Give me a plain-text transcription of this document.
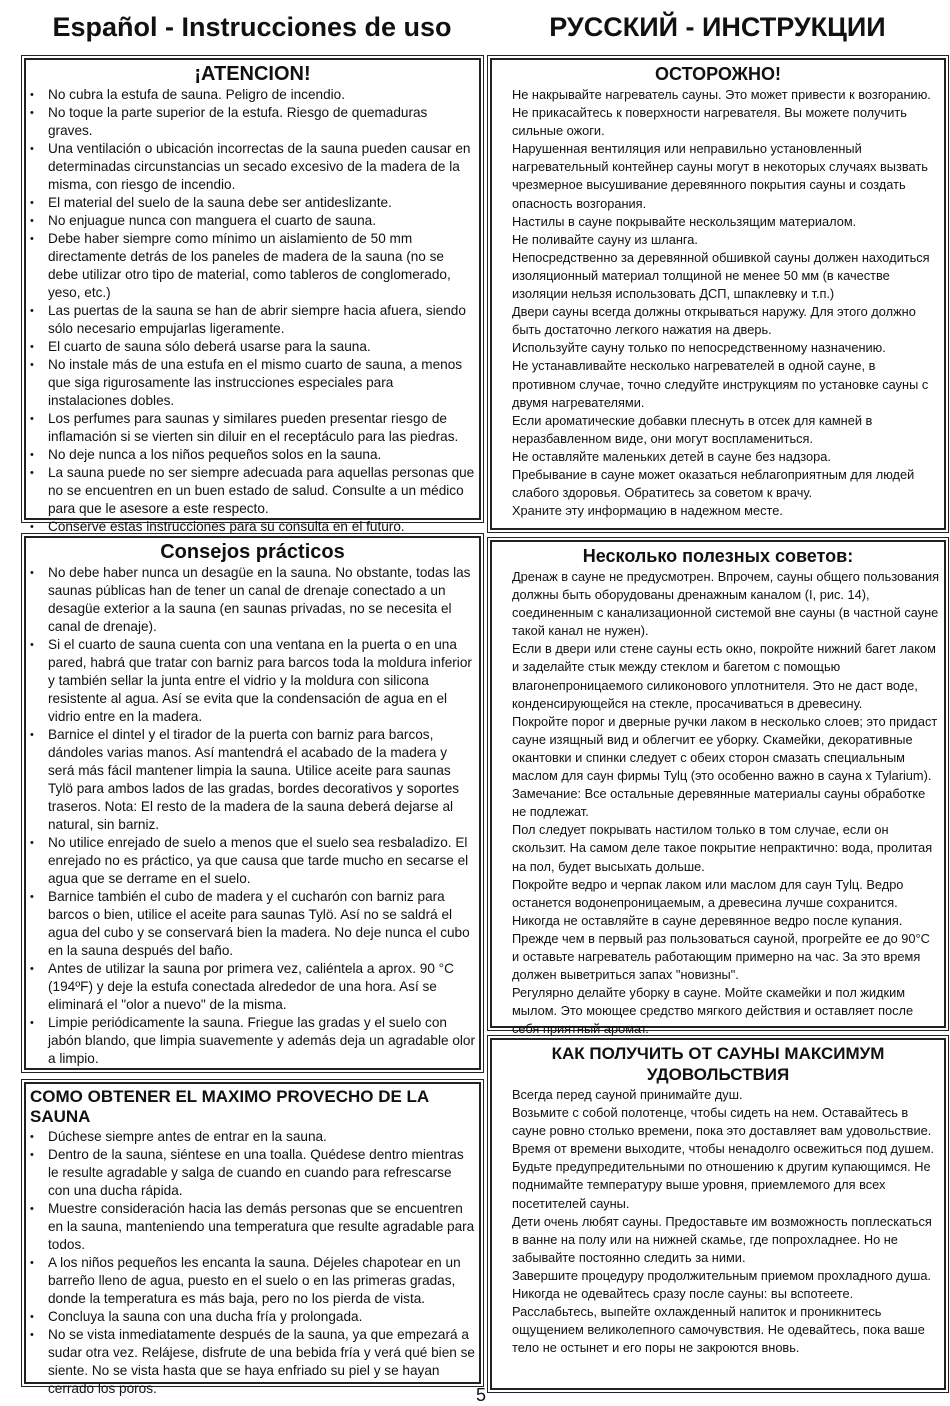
Español - Instrucciones de uso
¡ATENCION!
• No cubra la estufa de sauna. Peligro de incendio.
• No toque la parte superior de la estufa. Riesgo de quemaduras graves.
• Una ventilación o ubicación incorrectas de la sauna pueden causar en determinadas circunstancias un secado excesivo de la madera de la misma, con riesgo de incendio.
• El material del suelo de la sauna debe ser antideslizante.
• No enjuague nunca con manguera el cuarto de sauna.
• Debe haber siempre como mínimo un aislamiento de 50 mm directamente detrás de los paneles de madera de la sauna (no se debe utilizar otro tipo de material, como tableros de conglomerado, yeso, etc.)
• Las puertas de la sauna se han de abrir siempre hacia afuera, siendo sólo necesario empujarlas ligeramente.
• El cuarto de sauna sólo deberá usarse para la sauna.
• No instale más de una estufa en el mismo cuarto de sauna, a menos que siga rigurosamente las instrucciones especiales para instalaciones dobles.
• Los perfumes para saunas y similares pueden presentar riesgo de inflamación si se vierten sin diluir en el receptáculo para las piedras.
• No deje nunca a los niños pequeños solos en la sauna.
• La sauna puede no ser siempre adecuada para aquellas personas que no se encuentren en un buen estado de salud. Consulte a un médico para que le asesore a este respecto.
• Conserve estas instrucciones para su consulta en el futuro.
Consejos prácticos
• No debe haber nunca un desagüe en la sauna. No obstante, todas las saunas públicas han de tener un canal de drenaje conectado a un desagüe exterior a la sauna (en saunas privadas, no se necesita el canal de drenaje).
• Si el cuarto de sauna cuenta con una ventana en la puerta o en una pared, habrá que tratar con barniz para barcos toda la moldura inferior y también sellar la junta entre el vidrio y la moldura con silicona resistente al agua. Así se evita que la condensación de agua en el vidrio entre en la madera.
• Barnice el dintel y el tirador de la puerta con barniz para barcos, dándoles varias manos. Así mantendrá el acabado de la madera y será más fácil mantener limpia la sauna. Utilice aceite para saunas Tylö para ambos lados de las gradas, bordes decorativos y soportes traseros. Nota: El resto de la madera de la sauna deberá dejarse al natural, sin barniz.
• No utilice enrejado de suelo a menos que el suelo sea resbaladizo. El enrejado no es práctico, ya que causa que tarde mucho en secarse el agua que se derrame en el suelo.
• Barnice también el cubo de madera y el cucharón con barniz para barcos o bien, utilice el aceite para saunas Tylö. Así no se saldrá el agua del cubo y se conservará bien la madera. No deje nunca el cubo en la sauna después del baño.
• Antes de utilizar la sauna por primera vez, caliéntela a aprox. 90 °C (194ºF) y deje la estufa conectada alrededor de una hora. Así se eliminará el "olor a nuevo" de la misma.
• Limpie periódicamente la sauna. Friegue las gradas y el suelo con jabón blando, que limpia suavemente y además deja un agradable olor a limpio.
COMO OBTENER EL MAXIMO PROVECHO DE LA SAUNA
• Dúchese siempre antes de entrar en la sauna.
• Dentro de la sauna, siéntese en una toalla. Quédese dentro mientras le resulte agradable y salga de cuando en cuando para refrescarse con una ducha rápida.
• Muestre consideración hacia las demás personas que se encuentren en la sauna, manteniendo una temperatura que resulte agradable para todos.
• A los niños pequeños les encanta la sauna. Déjeles chapotear en un barreño lleno de agua, puesto en el suelo o en las primeras gradas, donde la temperatura es más baja, pero no los pierda de vista.
• Concluya la sauna con una ducha fría y prolongada.
• No se vista inmediatamente después de la sauna, ya que empezará a sudar otra vez. Relájese, disfrute de una bebida fría y verá qué bien se siente. No se vista hasta que se haya enfriado su piel y se hayan cerrado los poros.
РУССКИЙ - ИНСТРУКЦИИ
ОСТОРОЖНО!
Не накрывайте нагреватель сауны. Это может привести к возгоранию.
Не прикасайтесь к поверхности нагревателя. Вы можете получить сильные ожоги.
Нарушенная вентиляция или неправильно установленный нагревательный контейнер сауны могут в некоторых случаях вызвать чрезмерное высушивание деревянного покрытия сауны и создать опасность возгорания.
Настилы в сауне покрывайте нескользящим материалом.
Не поливайте сауну из шланга.
Непосредственно за деревянной обшивкой сауны должен находиться изоляционный материал толщиной не менее 50 мм (в качестве изоляции нельзя использовать ДСП, шпаклевку и т.п.)
Двери сауны всегда должны открываться наружу. Для этого должно быть достаточно легкого нажатия на дверь.
Используйте сауну только по непосредственному назначению.
Не устанавливайте несколько нагревателей в одной сауне, в противном случае, точно следуйте инструкциям по установке сауны с двумя нагревателями.
Если ароматические добавки плеснуть в отсек для камней в неразбавленном виде, они могут воспламениться.
Не оставляйте маленьких детей в сауне без надзора.
Пребывание в сауне может оказаться неблагоприятным для людей слабого здоровья. Обратитесь за советом к врачу.
Храните эту информацию в надежном месте.
Несколько полезных советов:
Дренаж в сауне не предусмотрен. Впрочем, сауны общего пользования должны быть оборудованы дренажным каналом (I, рис. 14), соединенным с канализационной системой вне сауны (в частной сауне такой канал не нужен).
Если в двери или стене сауны есть окно, покройте нижний багет лаком и заделайте стык между стеклом и багетом с помощью влагонепроницаемого силиконового уплотнителя. Это не даст воде, конденсирующейся на стекле, просачиваться в древесину.
Покройте порог и дверные ручки лаком в несколько слоев; это придаст сауне изящный вид и облегчит ее уборку. Скамейки, декоративные окантовки и спинки следует с обеих сторон смазать специальным маслом для саун фирмы Tylц (это особенно важно в сауна x Tylarium). Замечание: Все остальные деревянные материалы сауны обработке не подлежат.
Пол следует покрывать настилом только в том случае, если он скользит. На самом деле такое покрытие непрактично: вода, пролитая на пол, будет высыхать дольше.
Покройте ведро и черпак лаком или маслом для саун Tylц. Ведро останется водонепроницаемым, а древесина лучше сохранится. Никогда не оставляйте в сауне деревянное ведро после купания.
Прежде чем в первый раз пользоваться сауной, прогрейте ее до 90°C и оставьте нагреватель работающим примерно на час. За это время должен выветриться запах "новизны".
Регулярно делайте уборку в сауне. Мойте скамейки и пол жидким мылом. Это моющее средство мягкого действия и оставляет после себя приятный аромат.
КАК ПОЛУЧИТЬ ОТ САУНЫ МАКСИМУМ УДОВОЛЬСТВИЯ
Всегда перед сауной принимайте душ.
Возьмите с собой полотенце, чтобы сидеть на нем. Оставайтесь в сауне ровно столько времени, пока это доставляет вам удовольствие. Время от времени выходите, чтобы ненадолго освежиться под душем.
Будьте предупредительными по отношению к другим купающимся. Не поднимайте температуру выше уровня, приемлемого для всех посетителей сауны.
Дети очень любят сауны. Предоставьте им возможность поплескаться в ванне на полу или на нижней скамье, где попрохладнее. Но не забывайте постоянно следить за ними.
Завершите процедуру продолжительным приемом прохладного душа.
Никогда не одевайтесь сразу после сауны: вы вспотеете. Расслабьтесь, выпейте охлажденный напиток и проникнитесь ощущением великолепного самочувствия. Не одевайтесь, пока ваше тело не остынет и его поры не закроются вновь.
5
